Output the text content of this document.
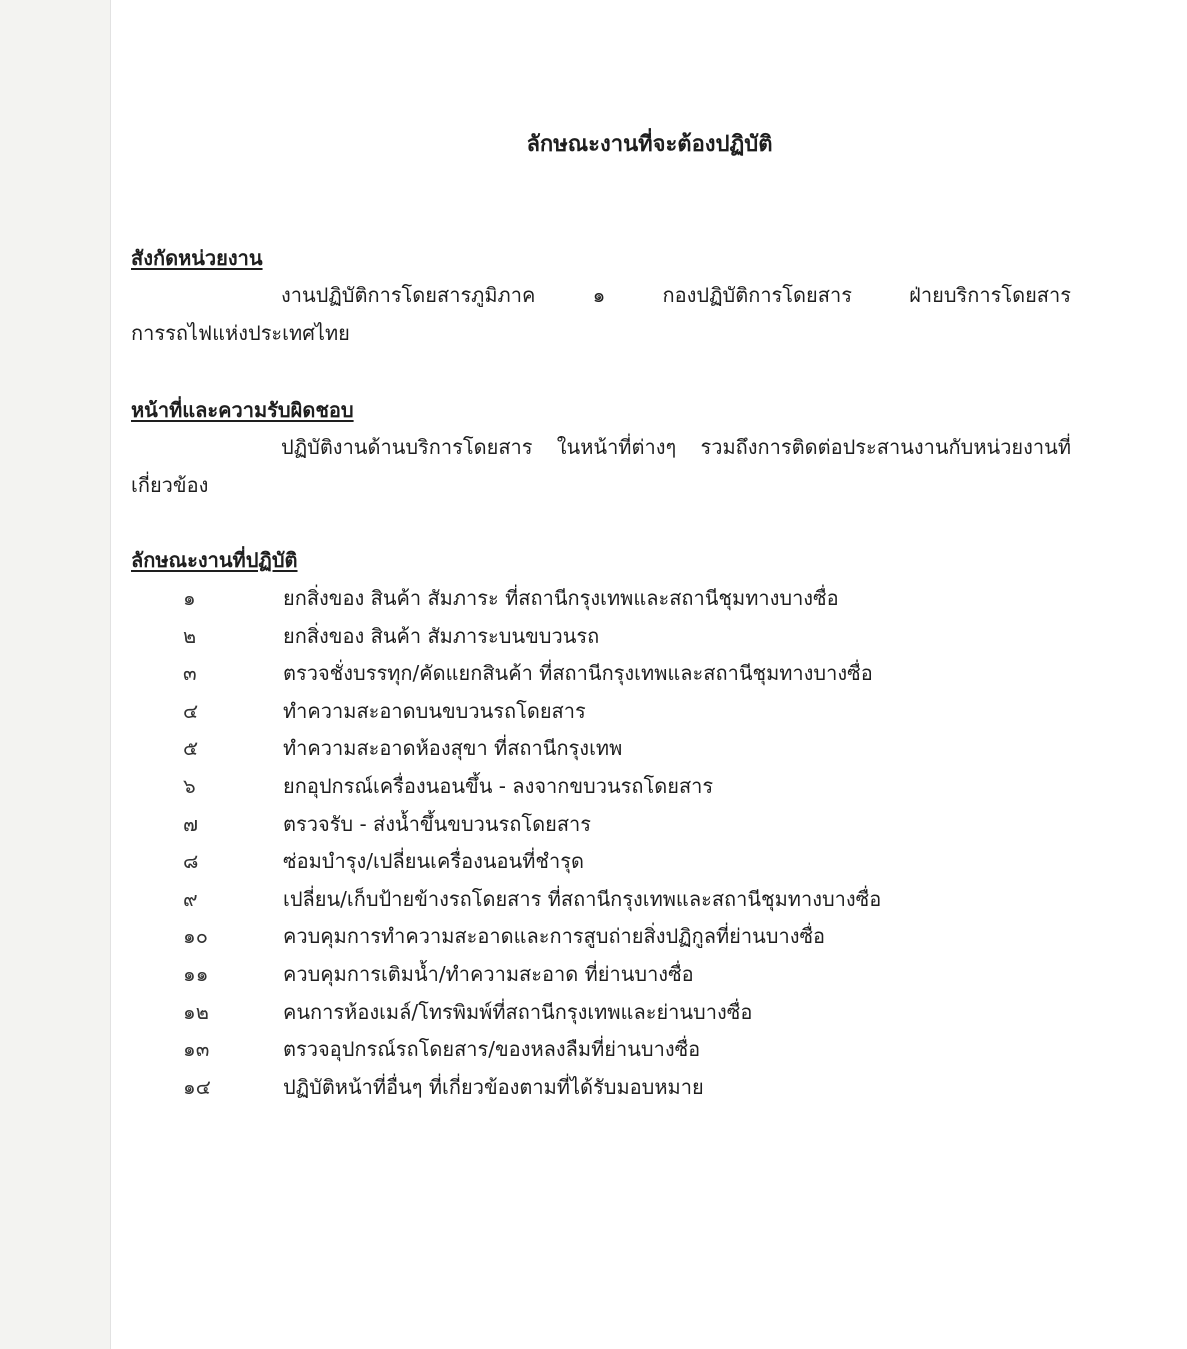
ลักษณะงานที่จะต้องปฏิบัติ
สังกัดหน่วยงาน
งานปฏิบัติการโดยสารภูมิภาค ๑ กองปฏิบัติการโดยสาร ฝ่ายบริการโดยสาร
การรถไฟแห่งประเทศไทย
หน้าที่และความรับผิดชอบ
ปฏิบัติงานด้านบริการโดยสาร ในหน้าที่ต่างๆ รวมถึงการติดต่อประสานงานกับหน่วยงานที่
เกี่ยวข้อง
ลักษณะงานที่ปฏิบัติ
๑	ยกสิ่งของ สินค้า สัมภาระ ที่สถานีกรุงเทพและสถานีชุมทางบางซื่อ
๒	ยกสิ่งของ สินค้า สัมภาระบนขบวนรถ
๓	ตรวจชั่งบรรทุก/คัดแยกสินค้า ที่สถานีกรุงเทพและสถานีชุมทางบางซื่อ
๔	ทำความสะอาดบนขบวนรถโดยสาร
๕	ทำความสะอาดห้องสุขา ที่สถานีกรุงเทพ
๖	ยกอุปกรณ์เครื่องนอนขึ้น - ลงจากขบวนรถโดยสาร
๗	ตรวจรับ - ส่งน้ำขึ้นขบวนรถโดยสาร
๘	ซ่อมบำรุง/เปลี่ยนเครื่องนอนที่ชำรุด
๙	เปลี่ยน/เก็บป้ายข้างรถโดยสาร ที่สถานีกรุงเทพและสถานีชุมทางบางซื่อ
๑๐	ควบคุมการทำความสะอาดและการสูบถ่ายสิ่งปฏิกูลที่ย่านบางซื่อ
๑๑	ควบคุมการเติมน้ำ/ทำความสะอาด ที่ย่านบางซื่อ
๑๒	คนการห้องเมล์/โทรพิมพ์ที่สถานีกรุงเทพและย่านบางซื่อ
๑๓	ตรวจอุปกรณ์รถโดยสาร/ของหลงลืมที่ย่านบางซื่อ
๑๔	ปฏิบัติหน้าที่อื่นๆ ที่เกี่ยวข้องตามที่ได้รับมอบหมาย
